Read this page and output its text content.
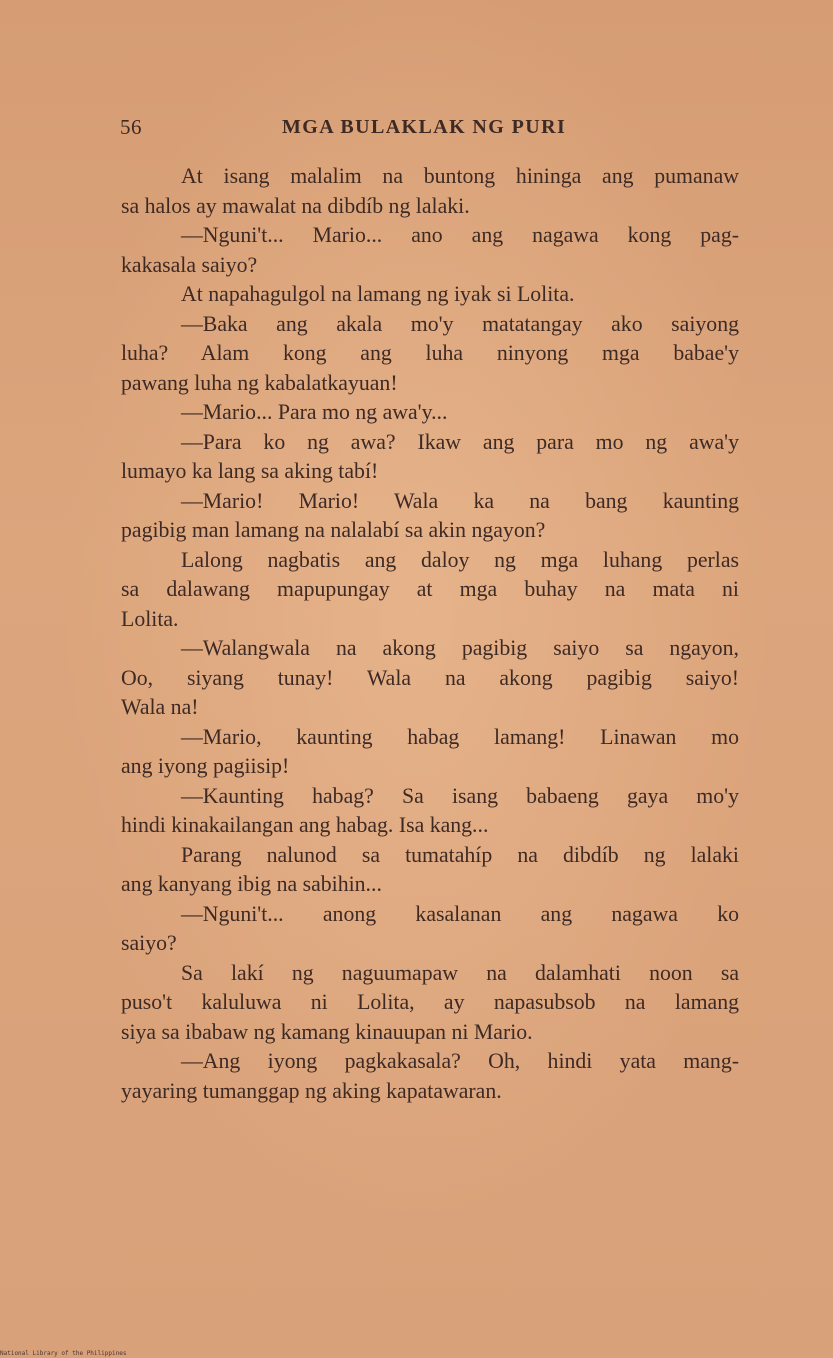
56	MGA BULAKLAK NG PURI
At isang malalim na buntong hininga ang pumanaw
sa halos ay mawalat na dibdíb ng lalaki.
—Nguni't... Mario... ano ang nagawa kong pag-
kakasala saiyo?
At napahagulgol na lamang ng iyak si Lolita.
—Baka ang akala mo'y matatangay ako saiyong
luha? Alam kong ang luha ninyong mga babae'y
pawang luha ng kabalatkayuan!
—Mario... Para mo ng awa'y...
—Para ko ng awa? Ikaw ang para mo ng awa'y
lumayo ka lang sa aking tabí!
—Mario! Mario! Wala ka na bang kaunting
pagibig man lamang na nalalabí sa akin ngayon?
Lalong nagbatis ang daloy ng mga luhang perlas
sa dalawang mapupungay at mga buhay na mata ni
Lolita.
—Walangwala na akong pagibig saiyo sa ngayon,
Oo, siyang tunay! Wala na akong pagibig saiyo!
Wala na!
—Mario, kaunting habag lamang! Linawan mo
ang iyong pagiisip!
—Kaunting habag? Sa isang babaeng gaya mo'y
hindi kinakailangan ang habag. Isa kang...
Parang nalunod sa tumatahíp na dibdíb ng lalaki
ang kanyang ibig na sabihin...
—Nguni't... anong kasalanan ang nagawa ko
saiyo?
Sa lakí ng naguumapaw na dalamhati noon sa
puso't kaluluwa ni Lolita, ay napasubsob na lamang
siya sa ibabaw ng kamang kinauupan ni Mario.
—Ang iyong pagkakasala? Oh, hindi yata mang-
yayaring tumanggap ng aking kapatawaran.
National Library of the Philippines
